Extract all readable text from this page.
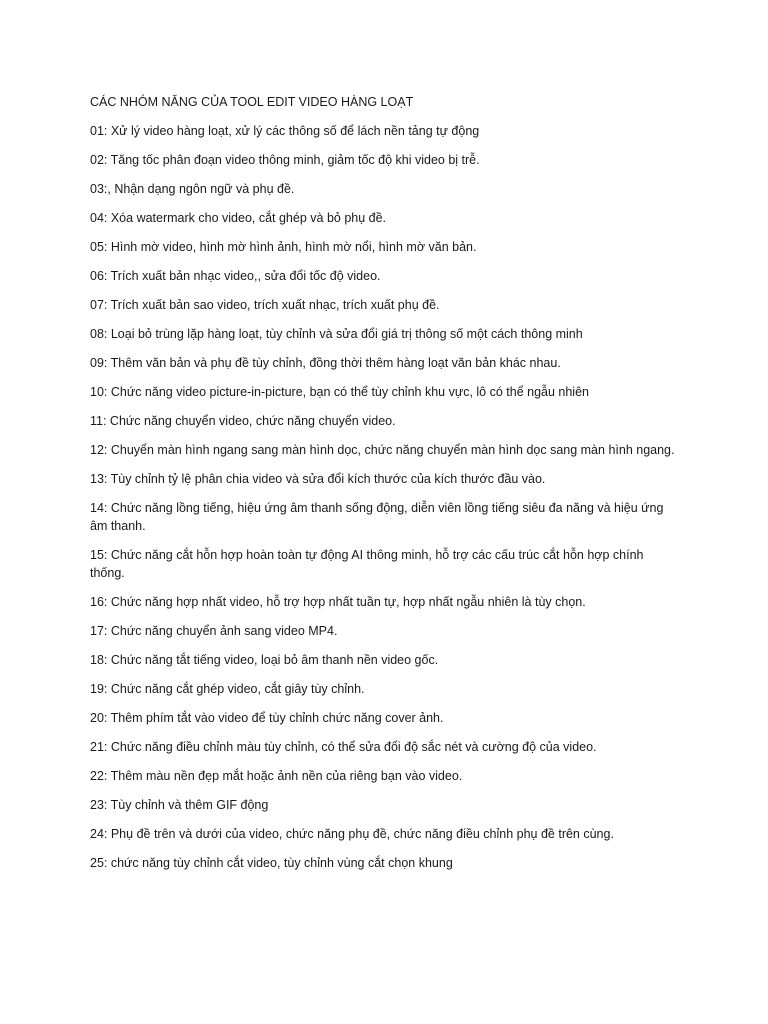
CÁC NHÓM NĂNG CỦA TOOL EDIT VIDEO HÀNG LOẠT
01: Xử lý video hàng loạt, xử lý các thông số để lách nền tảng tự động
02: Tăng tốc phân đoạn video thông minh, giảm tốc độ khi video bị trễ.
03:, Nhận dạng ngôn ngữ và phụ đề.
04: Xóa watermark cho video, cắt ghép và bỏ phụ đề.
05: Hình mờ video, hình mờ hình ảnh, hình mờ nổi, hình mờ văn bản.
06: Trích xuất bản nhạc video,, sửa đổi tốc độ video.
07: Trích xuất bản sao video, trích xuất nhạc, trích xuất phụ đề.
08: Loại bỏ trùng lặp hàng loạt, tùy chỉnh và sửa đổi giá trị thông số một cách thông minh
09: Thêm văn bản và phụ đề tùy chỉnh, đồng thời thêm hàng loạt văn bản khác nhau.
10: Chức năng video picture-in-picture, bạn có thể tùy chỉnh khu vực, lô có thể ngẫu nhiên
11: Chức năng chuyển video, chức năng chuyển video.
12: Chuyển màn hình ngang sang màn hình dọc, chức năng chuyển màn hình dọc sang màn hình ngang.
13: Tùy chỉnh tỷ lệ phân chia video và sửa đổi kích thước của kích thước đầu vào.
14: Chức năng lồng tiếng, hiệu ứng âm thanh sống động, diễn viên lồng tiếng siêu đa năng và hiệu ứng âm thanh.
15: Chức năng cắt hỗn hợp hoàn toàn tự động AI thông minh, hỗ trợ các cấu trúc cắt hỗn hợp chính thống.
16: Chức năng hợp nhất video, hỗ trợ hợp nhất tuần tự, hợp nhất ngẫu nhiên là tùy chọn.
17: Chức năng chuyển ảnh sang video MP4.
18: Chức năng tắt tiếng video, loại bỏ âm thanh nền video gốc.
19: Chức năng cắt ghép video, cắt giây tùy chỉnh.
20: Thêm phím tắt vào video để tùy chỉnh chức năng cover ảnh.
21: Chức năng điều chỉnh màu tùy chỉnh, có thể sửa đổi độ sắc nét và cường độ của video.
22: Thêm màu nền đẹp mắt hoặc ảnh nền của riêng bạn vào video.
23: Tùy chỉnh và thêm GIF động
24: Phụ đề trên và dưới của video, chức năng phụ đề, chức năng điều chỉnh phụ đề trên cùng.
25: chức năng tùy chỉnh cắt video, tùy chỉnh vùng cắt chọn khung
